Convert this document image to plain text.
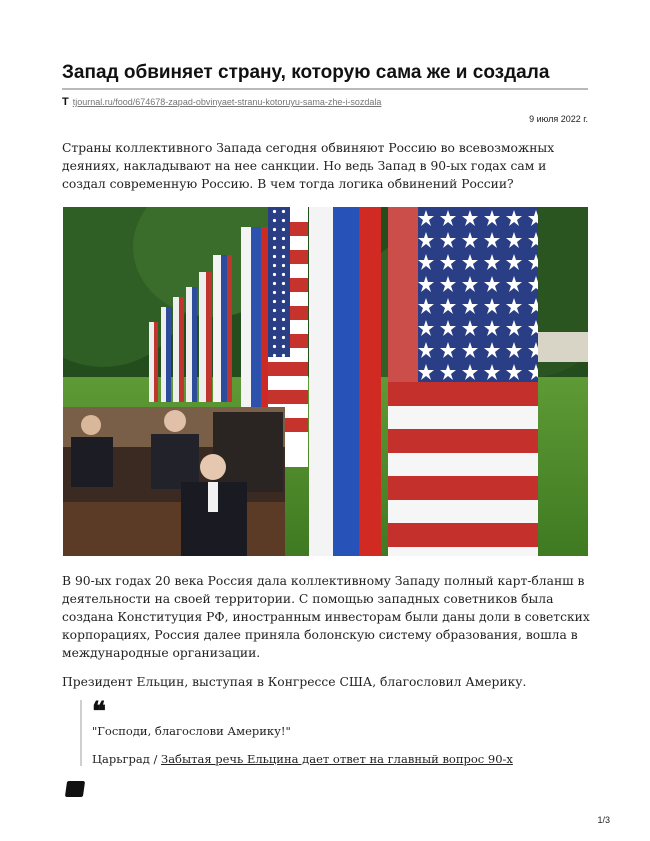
Запад обвиняет страну, которую сама же и создала
T tjournal.ru/food/674678-zapad-obvinyaet-stranu-kotoruyu-sama-zhe-i-sozdala
9 июля 2022 г.

Страны коллективного Запада сегодня обвиняют Россию во всевозможных деяниях, накладывают на нее санкции. Но ведь Запад в 90-ых годах сам и создал современную Россию. В чем тогда логика обвинений России?

В 90-ых годах 20 века Россия дала коллективному Западу полный карт-бланш в деятельности на своей территории. С помощью западных советников была создана Конституция РФ, иностранным инвесторам были даны доли в советских корпорациях, Россия далее приняла болонскую систему образования, вошла в международные организации.

Президент Ельцин, выступая в Конгрессе США, благословил Америку.

❝
"Господи, благослови Америку!"
Царьград / Забытая речь Ельцина дает ответ на главный вопрос 90-х
1/3
